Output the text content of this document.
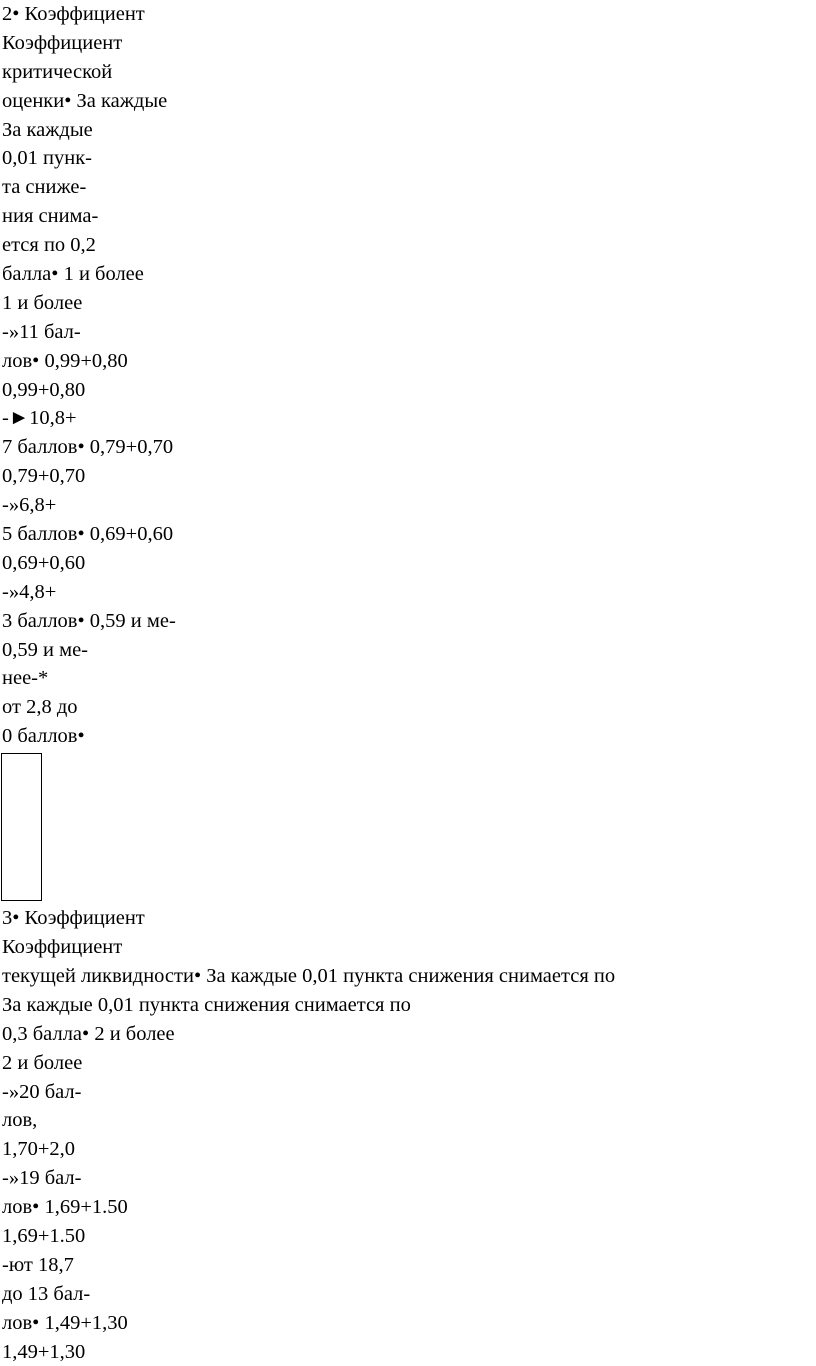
2• Коэффициент
Коэффициент
критической
оценки• За каждые
За каждые
0,01 пунк-
та сниже-
ния снима-
ется по 0,2
балла• 1 и более
1 и более
-»11 бал-
лов• 0,99+0,80
0,99+0,80
-►10,8+
7 баллов• 0,79+0,70
0,79+0,70
-»6,8+
5 баллов• 0,69+0,60
0,69+0,60
-»4,8+
3 баллов• 0,59 и ме-
0,59 и ме-
нее-*
от 2,8 до
0 баллов•
3• Коэффициент
Коэффициент
текущей ликвидности• За каждые 0,01 пункта снижения снимается по
За каждые 0,01 пункта снижения снимается по
0,3 балла• 2 и более
2 и более
-»20 бал-
лов,
1,70+2,0
-»19 бал-
лов• 1,69+1.50
1,69+1.50
-ют 18,7
до 13 бал-
лов• 1,49+1,30
1,49+1,30
